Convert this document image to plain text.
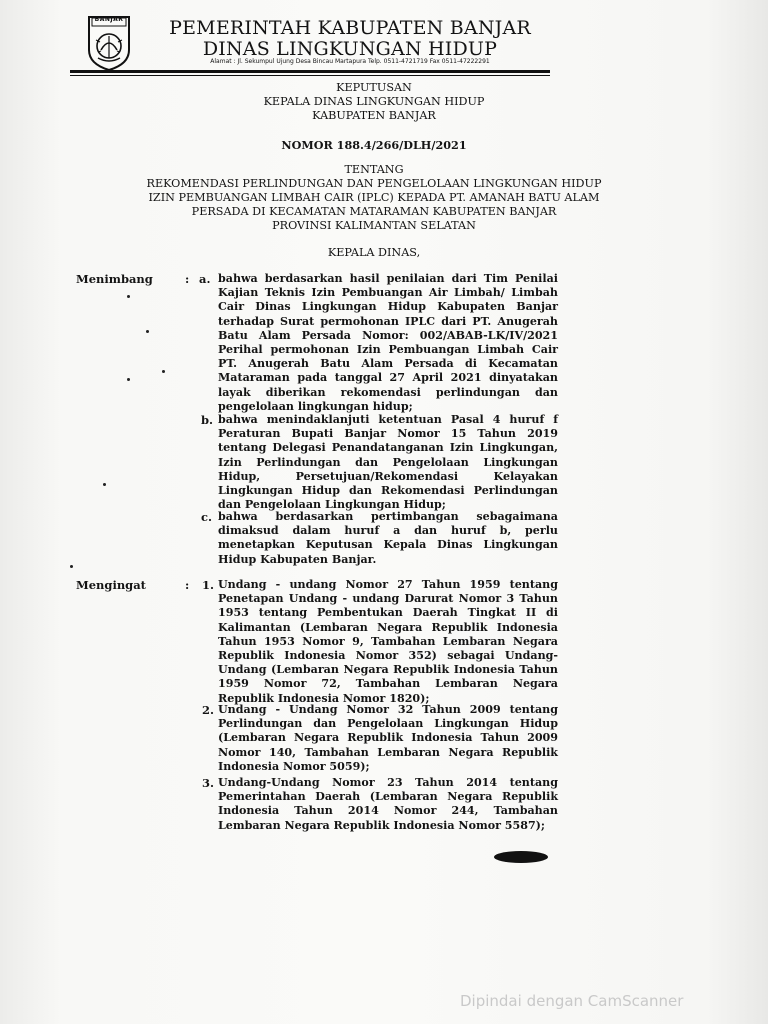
BANJAR	PEMERINTAH KABUPATEN BANJAR
DINAS LINGKUNGAN HIDUP
Alamat : Jl. Sekumpul Ujung Desa Bincau Martapura Telp. 0511-4721719 Fax 0511-47222291
KEPUTUSAN
KEPALA DINAS LINGKUNGAN HIDUP
KABUPATEN BANJAR
NOMOR 188.4/266/DLH/2021
TENTANG
REKOMENDASI PERLINDUNGAN DAN PENGELOLAAN LINGKUNGAN HIDUP
IZIN PEMBUANGAN LIMBAH CAIR (IPLC) KEPADA PT. AMANAH BATU ALAM
PERSADA DI KECAMATAN MATARAMAN KABUPATEN BANJAR
PROVINSI KALIMANTAN SELATAN
KEPALA DINAS,
Menimbang	: a. bahwa berdasarkan hasil penilaian dari Tim Penilai Kajian Teknis Izin Pembuangan Air Limbah/ Limbah Cair Dinas Lingkungan Hidup Kabupaten Banjar terhadap Surat permohonan IPLC dari PT. Anugerah Batu Alam Persada Nomor: 002/ABAB-LK/IV/2021 Perihal permohonan Izin Pembuangan Limbah Cair PT. Anugerah Batu Alam Persada di Kecamatan Mataraman pada tanggal 27 April 2021 dinyatakan layak diberikan rekomendasi perlindungan dan pengelolaan lingkungan hidup;
b. bahwa menindaklanjuti ketentuan Pasal 4 huruf f Peraturan Bupati Banjar Nomor 15 Tahun 2019 tentang Delegasi Penandatanganan Izin Lingkungan, Izin Perlindungan dan Pengelolaan Lingkungan Hidup, Persetujuan/Rekomendasi Kelayakan Lingkungan Hidup dan Rekomendasi Perlindungan dan Pengelolaan Lingkungan Hidup;
c. bahwa berdasarkan pertimbangan sebagaimana dimaksud dalam huruf a dan huruf b, perlu menetapkan Keputusan Kepala Dinas Lingkungan Hidup Kabupaten Banjar.
Mengingat	: 1. Undang - undang Nomor 27 Tahun 1959 tentang Penetapan Undang - undang Darurat Nomor 3 Tahun 1953 tentang Pembentukan Daerah Tingkat II di Kalimantan (Lembaran Negara Republik Indonesia Tahun 1953 Nomor 9, Tambahan Lembaran Negara Republik Indonesia Nomor 352) sebagai Undang-Undang (Lembaran Negara Republik Indonesia Tahun 1959 Nomor 72, Tambahan Lembaran Negara Republik Indonesia Nomor 1820);
2. Undang - Undang Nomor 32 Tahun 2009 tentang Perlindungan dan Pengelolaan Lingkungan Hidup (Lembaran Negara Republik Indonesia Tahun 2009 Nomor 140, Tambahan Lembaran Negara Republik Indonesia Nomor 5059);
3. Undang-Undang Nomor 23 Tahun 2014 tentang Pemerintahan Daerah (Lembaran Negara Republik Indonesia Tahun 2014 Nomor 244, Tambahan Lembaran Negara Republik Indonesia Nomor 5587);
Dipindai dengan CamScanner
